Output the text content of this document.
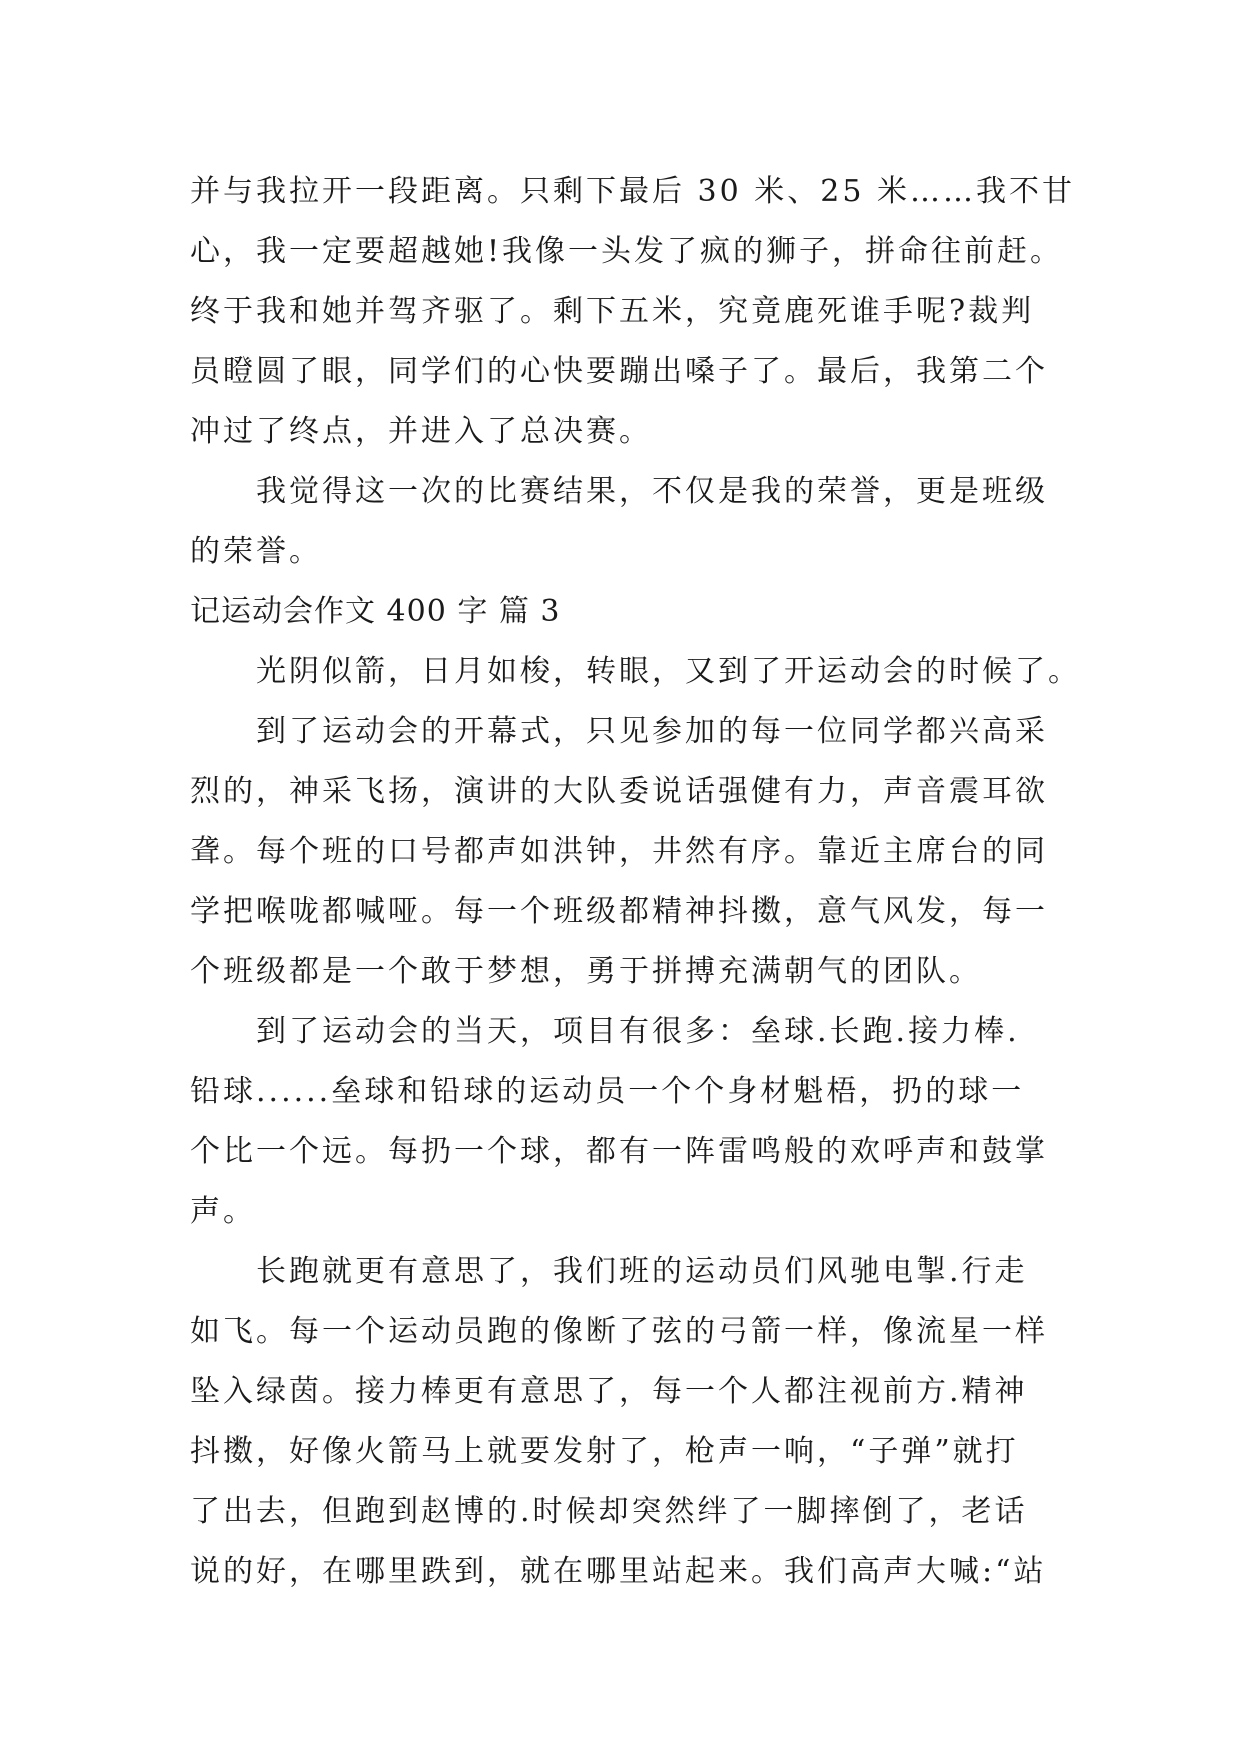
并与我拉开一段距离。只剩下最后 30 米、25 米……我不甘
心，我一定要超越她!我像一头发了疯的狮子，拼命往前赶。
终于我和她并驾齐驱了。剩下五米，究竟鹿死谁手呢?裁判
员瞪圆了眼，同学们的心快要蹦出嗓子了。最后，我第二个
冲过了终点，并进入了总决赛。
我觉得这一次的比赛结果，不仅是我的荣誉，更是班级
的荣誉。
记运动会作文 400 字 篇 3
光阴似箭，日月如梭，转眼，又到了开运动会的时候了。
到了运动会的开幕式，只见参加的每一位同学都兴高采
烈的，神采飞扬，演讲的大队委说话强健有力，声音震耳欲
聋。每个班的口号都声如洪钟，井然有序。靠近主席台的同
学把喉咙都喊哑。每一个班级都精神抖擞，意气风发，每一
个班级都是一个敢于梦想，勇于拼搏充满朝气的团队。
到了运动会的当天，项目有很多：垒球.长跑.接力棒.
铅球......垒球和铅球的运动员一个个身材魁梧，扔的球一
个比一个远。每扔一个球，都有一阵雷鸣般的欢呼声和鼓掌
声。
长跑就更有意思了，我们班的运动员们风驰电掣.行走
如飞。每一个运动员跑的像断了弦的弓箭一样，像流星一样
坠入绿茵。接力棒更有意思了，每一个人都注视前方.精神
抖擞，好像火箭马上就要发射了，枪声一响，“子弹”就打
了出去，但跑到赵博的.时候却突然绊了一脚摔倒了，老话
说的好，在哪里跌到，就在哪里站起来。我们高声大喊:“站
